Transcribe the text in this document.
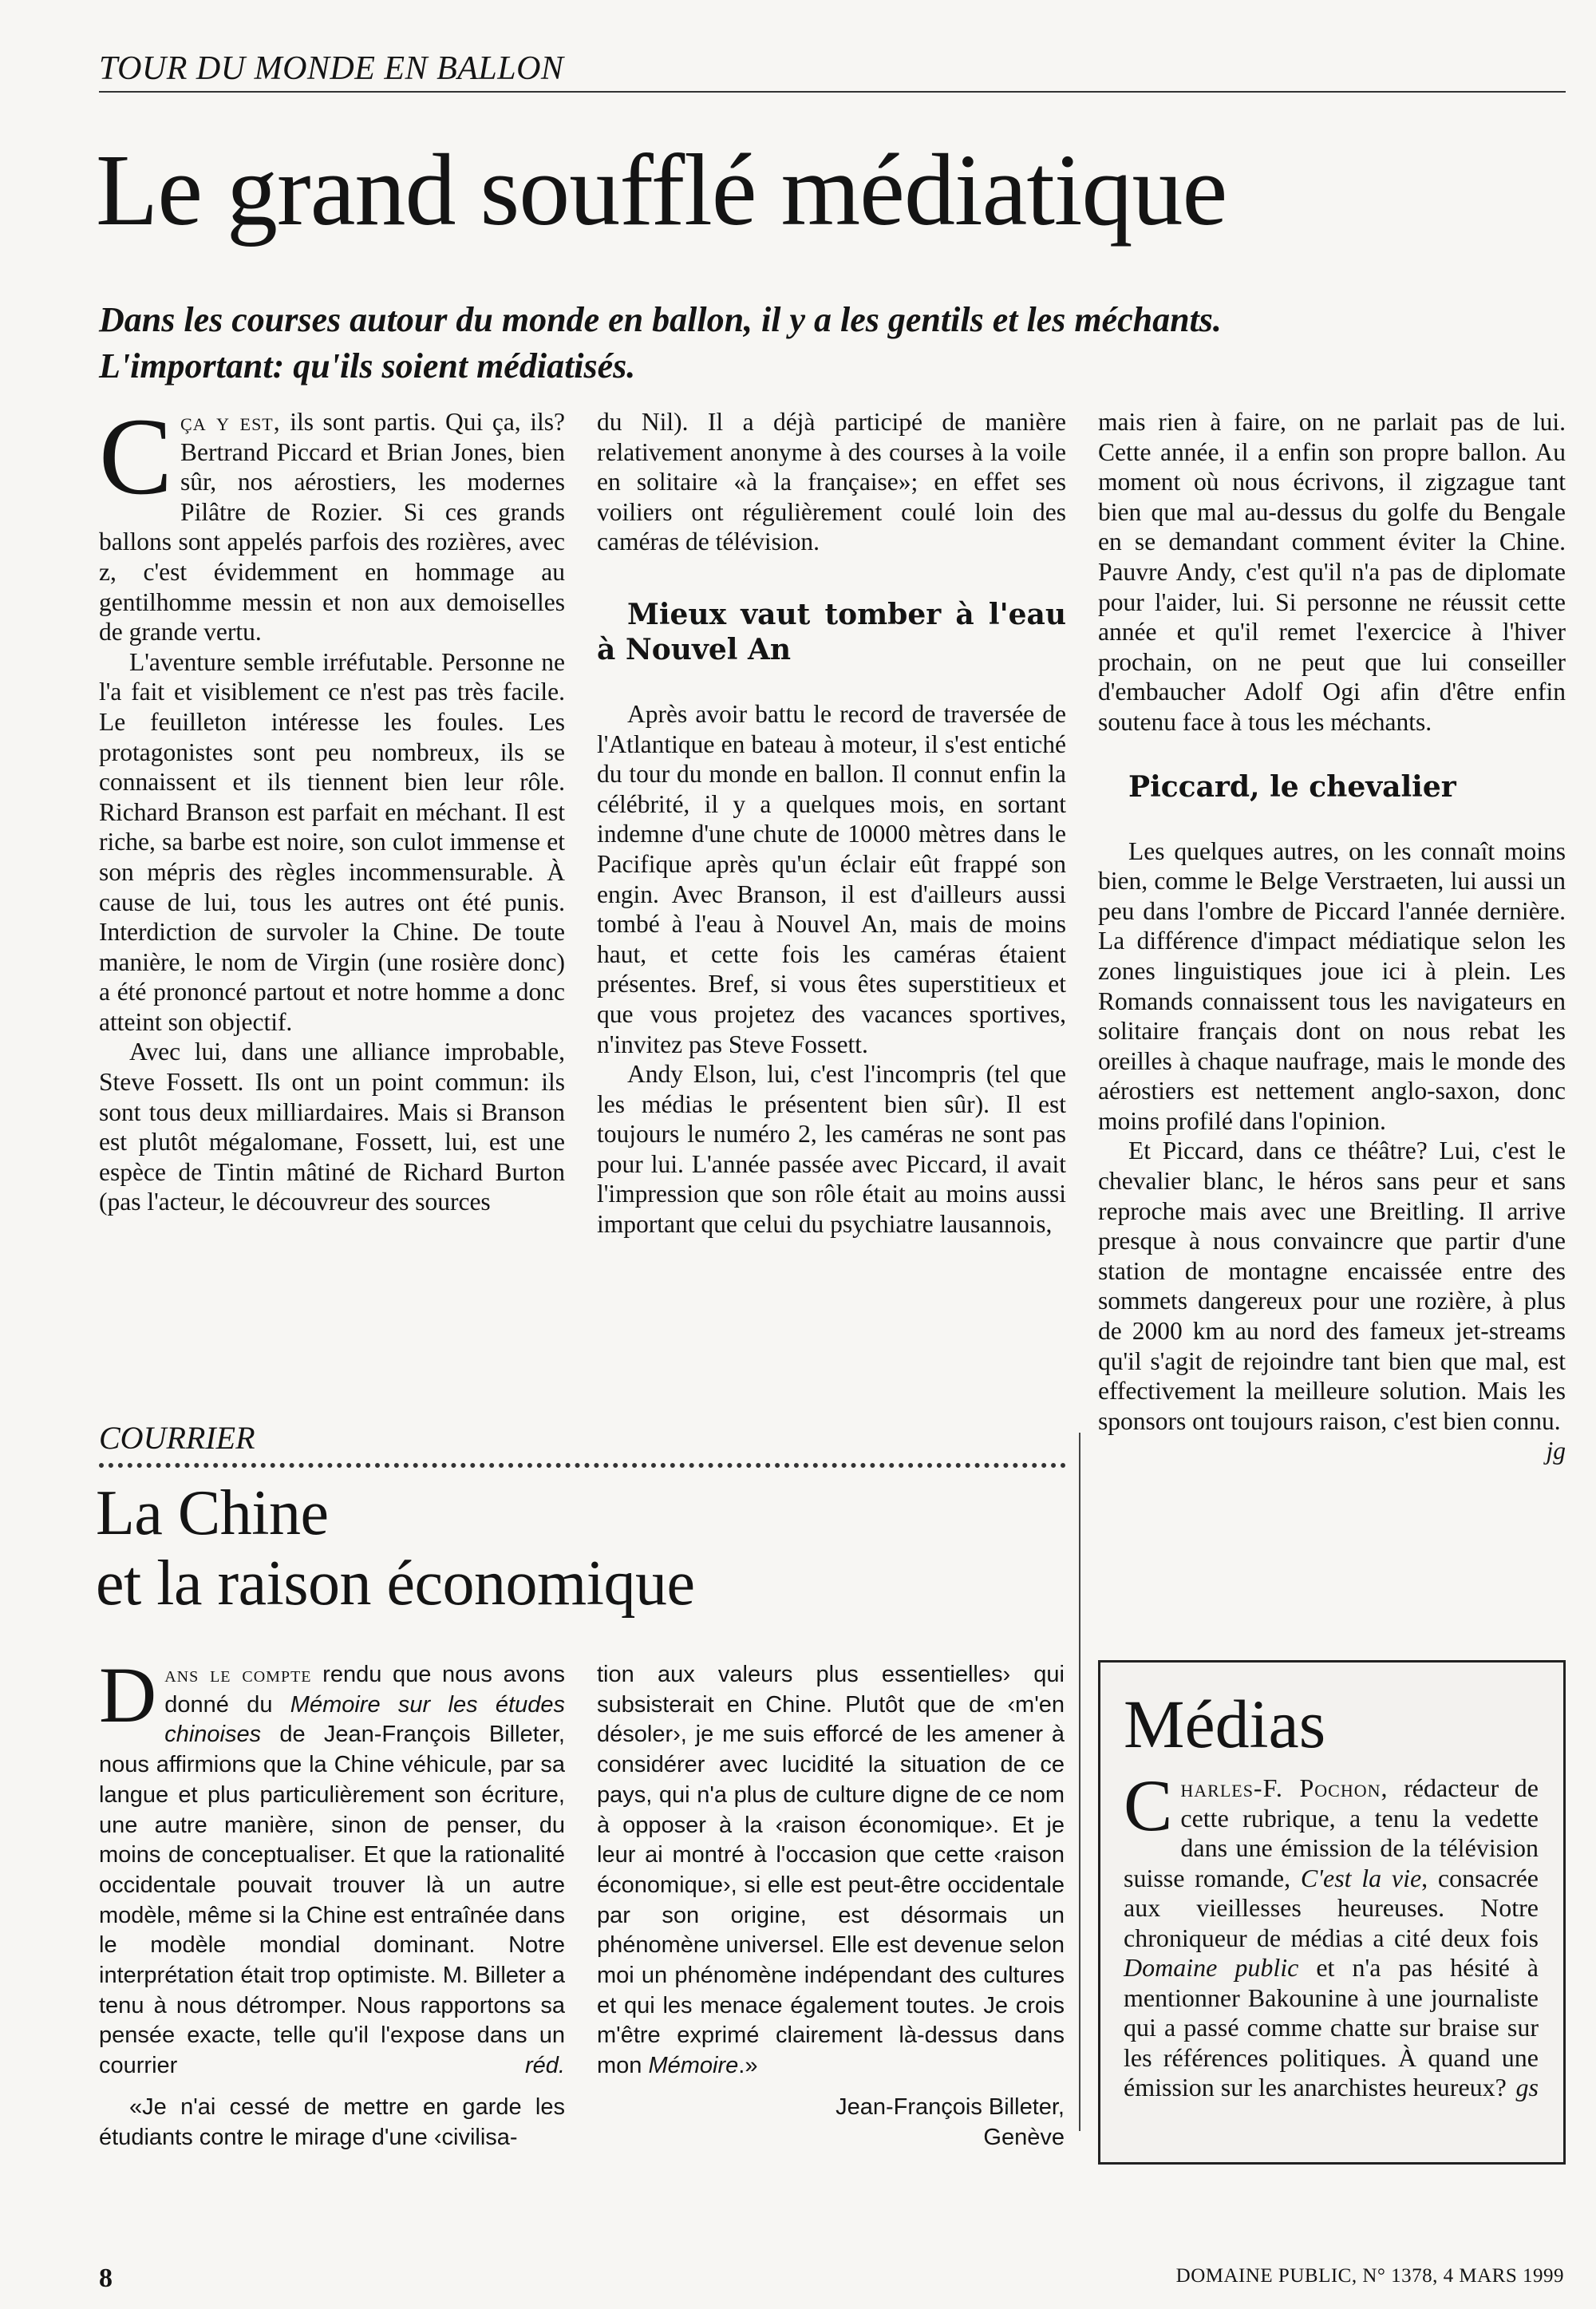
TOUR DU MONDE EN BALLON
Le grand soufflé médiatique
Dans les courses autour du monde en ballon, il y a les gentils et les méchants.
L'important: qu'ils soient médiatisés.

Cça y est, ils sont partis. Qui ça, ils? Bertrand Piccard et Brian Jones, bien sûr, nos aérostiers, les modernes Pilâtre de Rozier. Si ces grands ballons sont appelés parfois des rozières, avec z, c'est évidemment en hommage au gentilhomme messin et non aux demoiselles de grande vertu.

L'aventure semble irréfutable. Personne ne l'a fait et visiblement ce n'est pas très facile. Le feuilleton intéresse les foules. Les protagonistes sont peu nombreux, ils se connaissent et ils tiennent bien leur rôle. Richard Branson est parfait en méchant. Il est riche, sa barbe est noire, son culot immense et son mépris des règles incommensurable. À cause de lui, tous les autres ont été punis. Interdiction de survoler la Chine. De toute manière, le nom de Virgin (une rosière donc) a été prononcé partout et notre homme a donc atteint son objectif.

Avec lui, dans une alliance improbable, Steve Fossett. Ils ont un point commun: ils sont tous deux milliardaires. Mais si Branson est plutôt mégalomane, Fossett, lui, est une espèce de Tintin mâtiné de Richard Burton (pas l'acteur, le découvreur des sources

du Nil). Il a déjà participé de manière relativement anonyme à des courses à la voile en solitaire «à la française»; en effet ses voiliers ont régulièrement coulé loin des caméras de télévision.

Mieux vaut tomber à l'eau à Nouvel An

Après avoir battu le record de traversée de l'Atlantique en bateau à moteur, il s'est entiché du tour du monde en ballon. Il connut enfin la célébrité, il y a quelques mois, en sortant indemne d'une chute de 10000 mètres dans le Pacifique après qu'un éclair eût frappé son engin. Avec Branson, il est d'ailleurs aussi tombé à l'eau à Nouvel An, mais de moins haut, et cette fois les caméras étaient présentes. Bref, si vous êtes superstitieux et que vous projetez des vacances sportives, n'invitez pas Steve Fossett.

Andy Elson, lui, c'est l'incompris (tel que les médias le présentent bien sûr). Il est toujours le numéro 2, les caméras ne sont pas pour lui. L'année passée avec Piccard, il avait l'impression que son rôle était au moins aussi important que celui du psychiatre lausannois,

mais rien à faire, on ne parlait pas de lui. Cette année, il a enfin son propre ballon. Au moment où nous écrivons, il zigzague tant bien que mal au-dessus du golfe du Bengale en se demandant comment éviter la Chine. Pauvre Andy, c'est qu'il n'a pas de diplomate pour l'aider, lui. Si personne ne réussit cette année et qu'il remet l'exercice à l'hiver prochain, on ne peut que lui conseiller d'embaucher Adolf Ogi afin d'être enfin soutenu face à tous les méchants.

Piccard, le chevalier

Les quelques autres, on les connaît moins bien, comme le Belge Verstraeten, lui aussi un peu dans l'ombre de Piccard l'année dernière. La différence d'impact médiatique selon les zones linguistiques joue ici à plein. Les Romands connaissent tous les navigateurs en solitaire français dont on nous rebat les oreilles à chaque naufrage, mais le monde des aérostiers est nettement anglo-saxon, donc moins profilé dans l'opinion.

Et Piccard, dans ce théâtre? Lui, c'est le chevalier blanc, le héros sans peur et sans reproche mais avec une Breitling. Il arrive presque à nous convaincre que partir d'une station de montagne encaissée entre des sommets dangereux pour une rozière, à plus de 2000 km au nord des fameux jet-streams qu'il s'agit de rejoindre tant bien que mal, est effectivement la meilleure solution. Mais les sponsors ont toujours raison, c'est bien connu.

jg

COURRIER
La Chine
et la raison économique

Dans le compte rendu que nous avons donné du Mémoire sur les études chinoises de Jean-François Billeter, nous affirmions que la Chine véhicule, par sa langue et plus particulièrement son écriture, une autre manière, sinon de penser, du moins de conceptualiser. Et que la rationalité occidentale pouvait trouver là un autre modèle, même si la Chine est entraînée dans le modèle mondial dominant. Notre interprétation était trop optimiste. M. Billeter a tenu à nous détromper. Nous rapportons sa pensée exacte, telle qu'il l'expose dans un courrier	réd.

«Je n'ai cessé de mettre en garde les étudiants contre le mirage d'une ‹civilisa-

tion aux valeurs plus essentielles› qui subsisterait en Chine. Plutôt que de ‹m'en désoler›, je me suis efforcé de les amener à considérer avec lucidité la situation de ce pays, qui n'a plus de culture digne de ce nom à opposer à la ‹raison économique›. Et je leur ai montré à l'occasion que cette ‹raison économique›, si elle est peut-être occidentale par son origine, est désormais un phénomène universel. Elle est devenue selon moi un phénomène indépendant des cultures et qui les menace également toutes. Je crois m'être exprimé clairement là-dessus dans mon Mémoire.»

Jean-François Billeter,

Genève

Médias
Charles-F. Pochon, rédacteur de cette rubrique, a tenu la vedette dans une émission de la télévision suisse romande, C'est la vie, consacrée aux vieillesses heureuses. Notre chroniqueur de médias a cité deux fois Domaine public et n'a pas hésité à mentionner Bakounine à une journaliste qui a passé comme chatte sur braise sur les références politiques. À quand une émission sur les anarchistes heureux? gs
8	DOMAINE PUBLIC, N° 1378, 4 MARS 1999
